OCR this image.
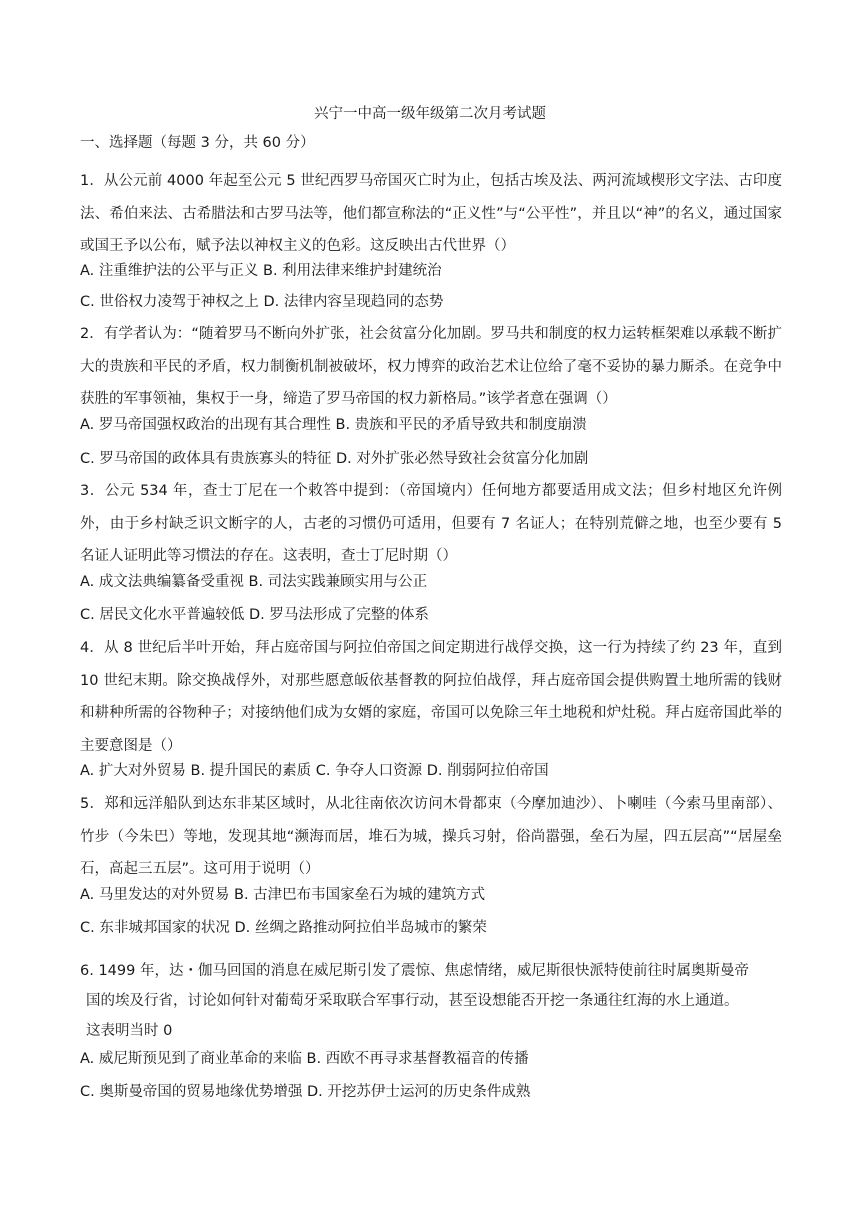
兴宁一中高一级年级第二次月考试题
一、选择题（每题 3 分，共 60 分）
1．从公元前 4000 年起至公元 5 世纪西罗马帝国灭亡时为止，包括古埃及法、两河流域楔形文字法、古印度法、希伯来法、古希腊法和古罗马法等，他们都宣称法的“正义性”与“公平性”，并且以“神”的名义，通过国家或国王予以公布，赋予法以神权主义的色彩。这反映出古代世界（）
A. 注重维护法的公平与正义 B. 利用法律来维护封建统治
C. 世俗权力凌驾于神权之上 D. 法律内容呈现趋同的态势
2．有学者认为：“随着罗马不断向外扩张，社会贫富分化加剧。罗马共和制度的权力运转框架难以承载不断扩大的贵族和平民的矛盾，权力制衡机制被破坏，权力博弈的政治艺术让位给了毫不妥协的暴力厮杀。在竞争中获胜的军事领袖，集权于一身，缔造了罗马帝国的权力新格局。”该学者意在强调（）
A. 罗马帝国强权政治的出现有其合理性 B. 贵族和平民的矛盾导致共和制度崩溃
C. 罗马帝国的政体具有贵族寡头的特征 D. 对外扩张必然导致社会贫富分化加剧
3．公元 534 年，查士丁尼在一个敕答中提到：（帝国境内）任何地方都要适用成文法；但乡村地区允许例外，由于乡村缺乏识文断字的人，古老的习惯仍可适用，但要有 7 名证人；在特别荒僻之地，也至少要有 5 名证人证明此等习惯法的存在。这表明，查士丁尼时期（）
A. 成文法典编纂备受重视 B. 司法实践兼顾实用与公正
C. 居民文化水平普遍较低 D. 罗马法形成了完整的体系
4．从 8 世纪后半叶开始，拜占庭帝国与阿拉伯帝国之间定期进行战俘交换，这一行为持续了约 23 年，直到 10 世纪末期。除交换战俘外，对那些愿意皈依基督教的阿拉伯战俘，拜占庭帝国会提供购置土地所需的钱财和耕种所需的谷物种子；对接纳他们成为女婿的家庭，帝国可以免除三年土地税和炉灶税。拜占庭帝国此举的主要意图是（）
A. 扩大对外贸易 B. 提升国民的素质 C. 争夺人口资源 D. 削弱阿拉伯帝国
5．郑和远洋船队到达东非某区域时，从北往南依次访问木骨都束（今摩加迪沙）、卜喇哇（今索马里南部）、竹步（今朱巴）等地，发现其地“濒海而居，堆石为城，操兵习射，俗尚嚣强，垒石为屋，四五层高”“居屋垒石，高起三五层”。这可用于说明（）
A. 马里发达的对外贸易 B. 古津巴布韦国家垒石为城的建筑方式
C. 东非城邦国家的状况 D. 丝绸之路推动阿拉伯半岛城市的繁荣
6. 1499 年，达・伽马回国的消息在威尼斯引发了震惊、焦虑情绪，威尼斯很快派特使前往时属奥斯曼帝
国的埃及行省，讨论如何针对葡萄牙采取联合军事行动，甚至设想能否开挖一条通往红海的水上通道。
这表明当时 0
A. 威尼斯预见到了商业革命的来临 B. 西欧不再寻求基督教福音的传播
C. 奥斯曼帝国的贸易地缘优势增强 D. 开挖苏伊士运河的历史条件成熟
